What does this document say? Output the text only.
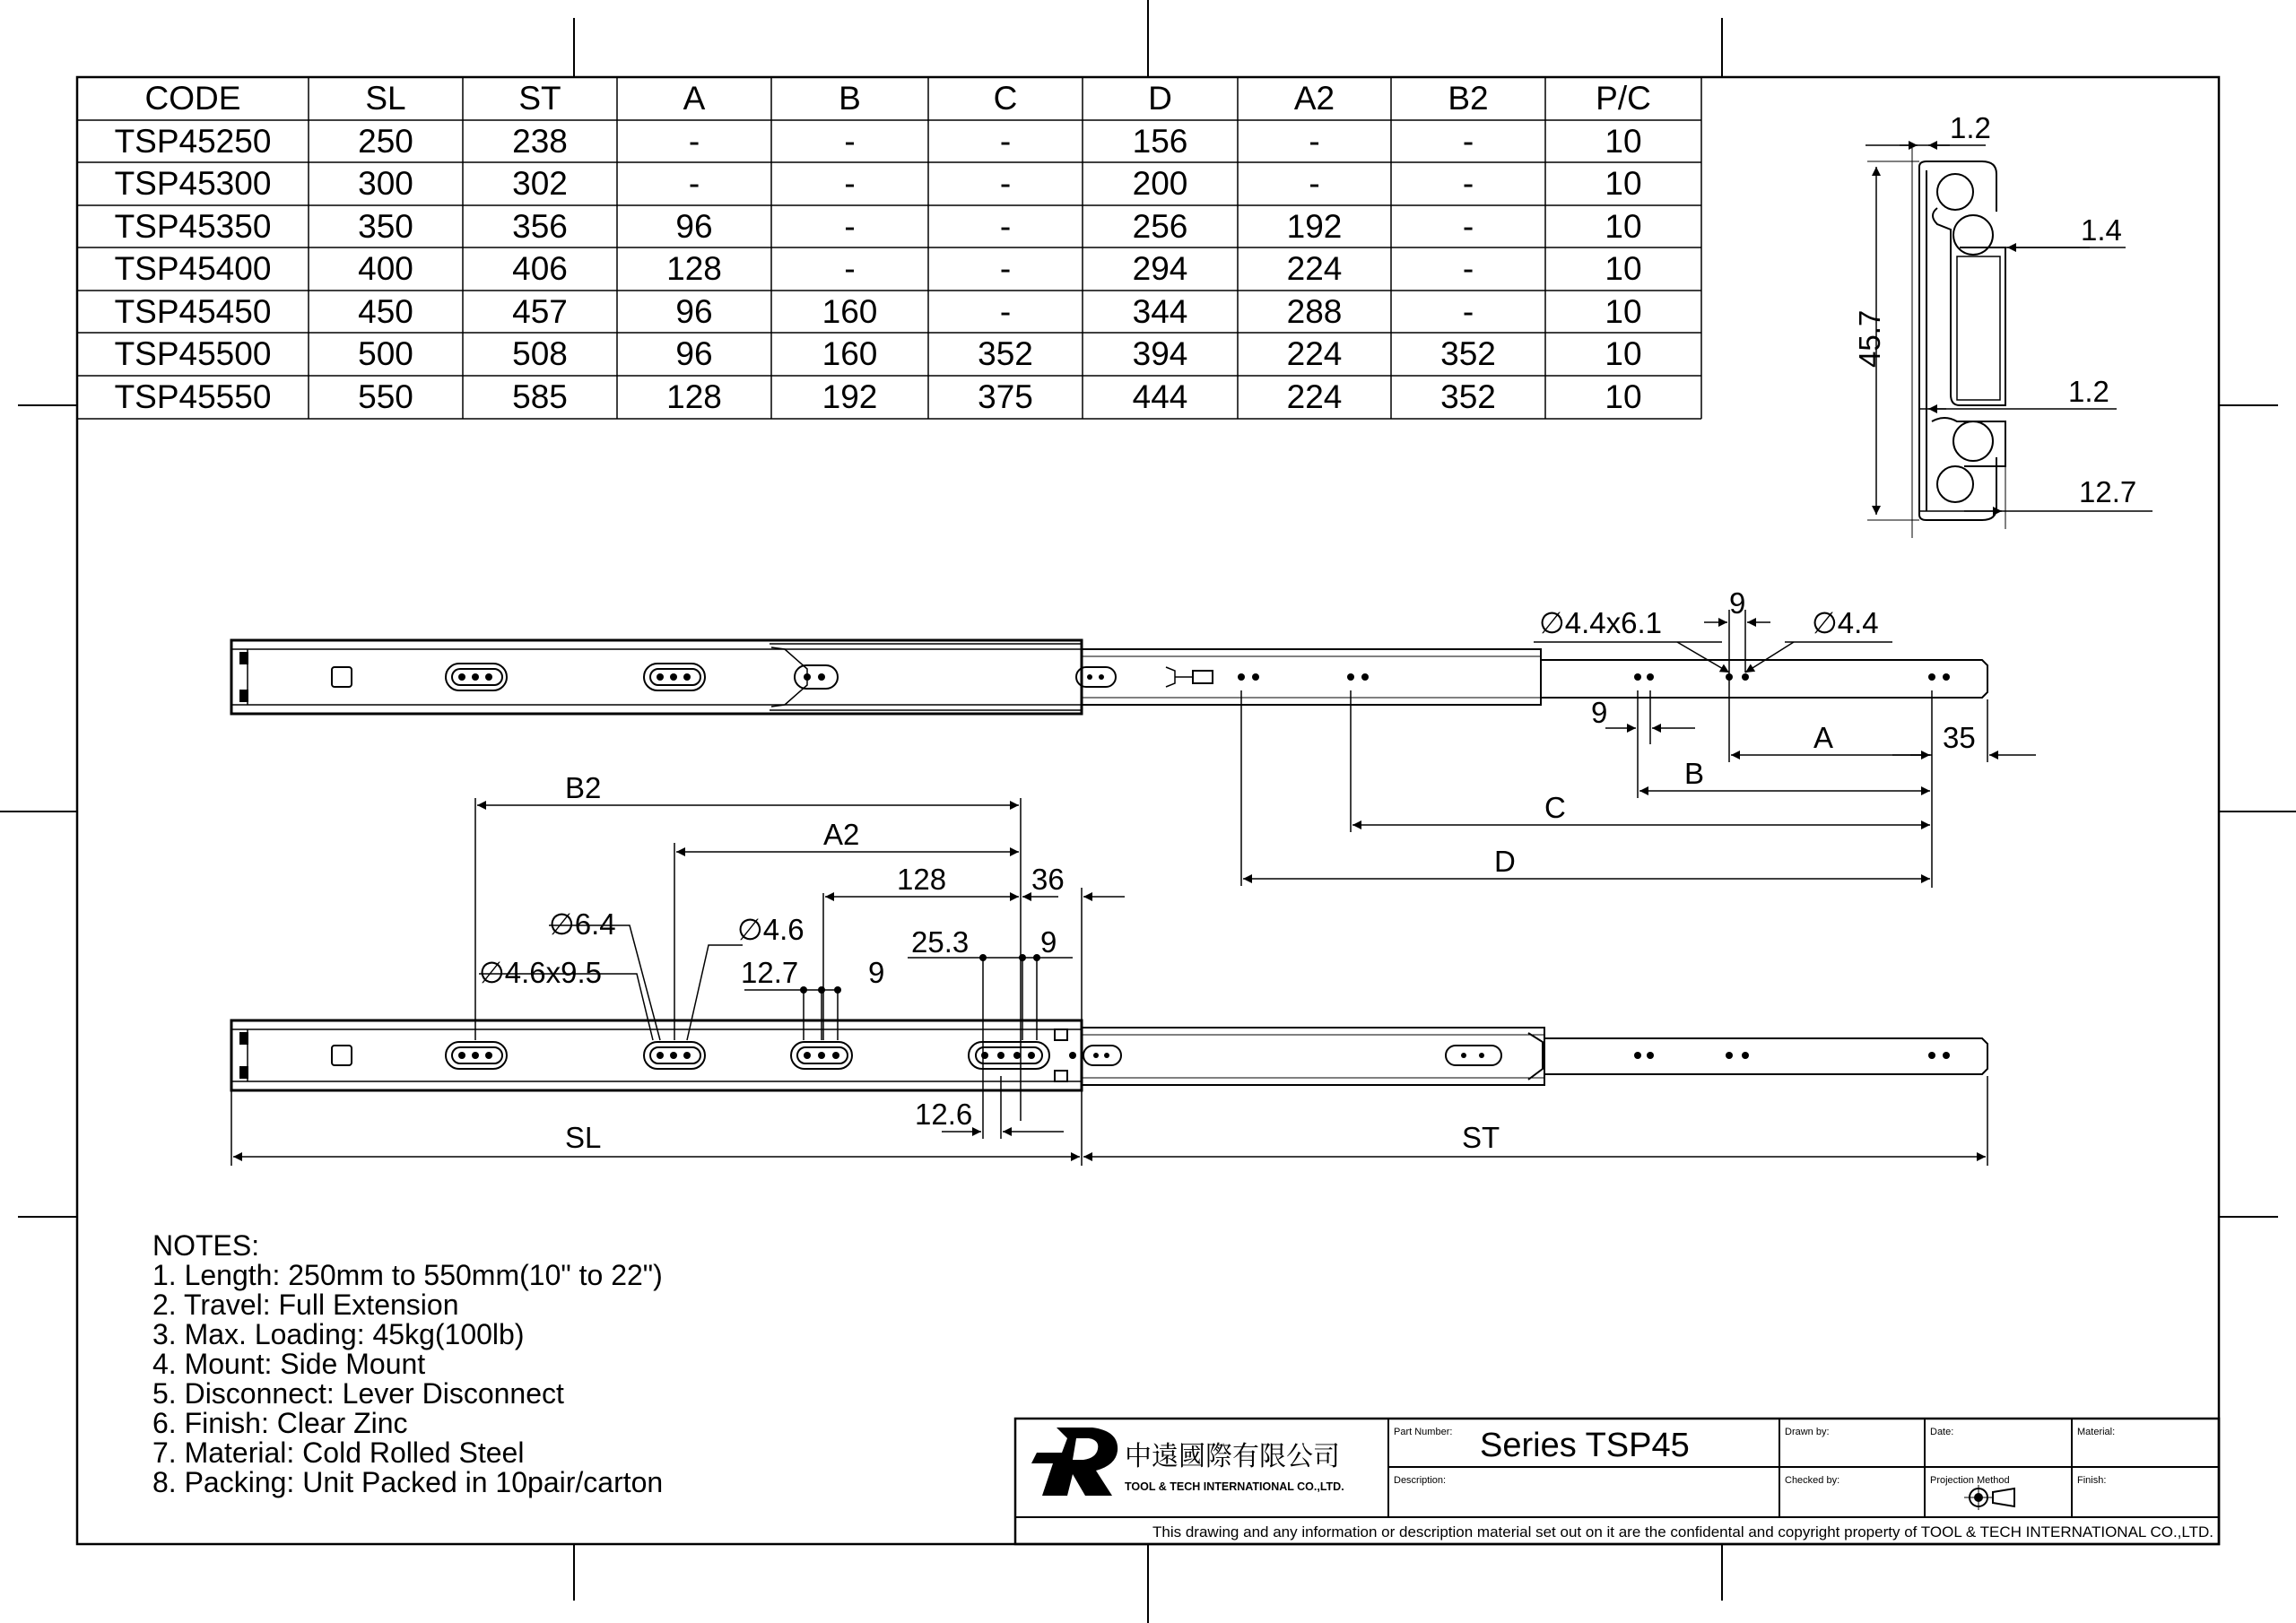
CODE	SL	ST	A	B	C	D	A2	B2	P/C
TSP45250	250	238	-	-	-	156	-	-	10
TSP45300	300	302	-	-	-	200	-	-	10
TSP45350	350	356	96	-	-	256	192	-	10
TSP45400	400	406	128	-	-	294	224	-	10
TSP45450	450	457	96	160	-	344	288	-	10
TSP45500	500	508	96	160	352	394	224	352	10
TSP45550	550	585	128	192	375	444	224	352	10
1.2
1.4
45.7
1.2
12.7
∅4.4x6.1	∅4.4
9
9
A	35
B
C
D
B2
A2
128	36
∅6.4	∅4.6
∅4.6x9.5	12.7 9
25.3 9
12.6
SL	ST
NOTES:
1. Length: 250mm to 550mm(10" to 22")
2. Travel: Full Extension
3. Max. Loading: 45kg(100lb)
4. Mount: Side Mount
5. Disconnect: Lever Disconnect
6. Finish: Clear Zinc
7. Material: Cold Rolled Steel
8. Packing: Unit Packed in 10pair/carton
中遠國際有限公司
TOOL & TECH INTERNATIONAL CO.,LTD.
Part Number: Series TSP45
Description:
Drawn by:
Checked by:
Date:
Projection Method
Material:
Finish:
This drawing and any information or description material set out on it are the confidental and copyright property of TOOL & TECH INTERNATIONAL CO.,LTD.
